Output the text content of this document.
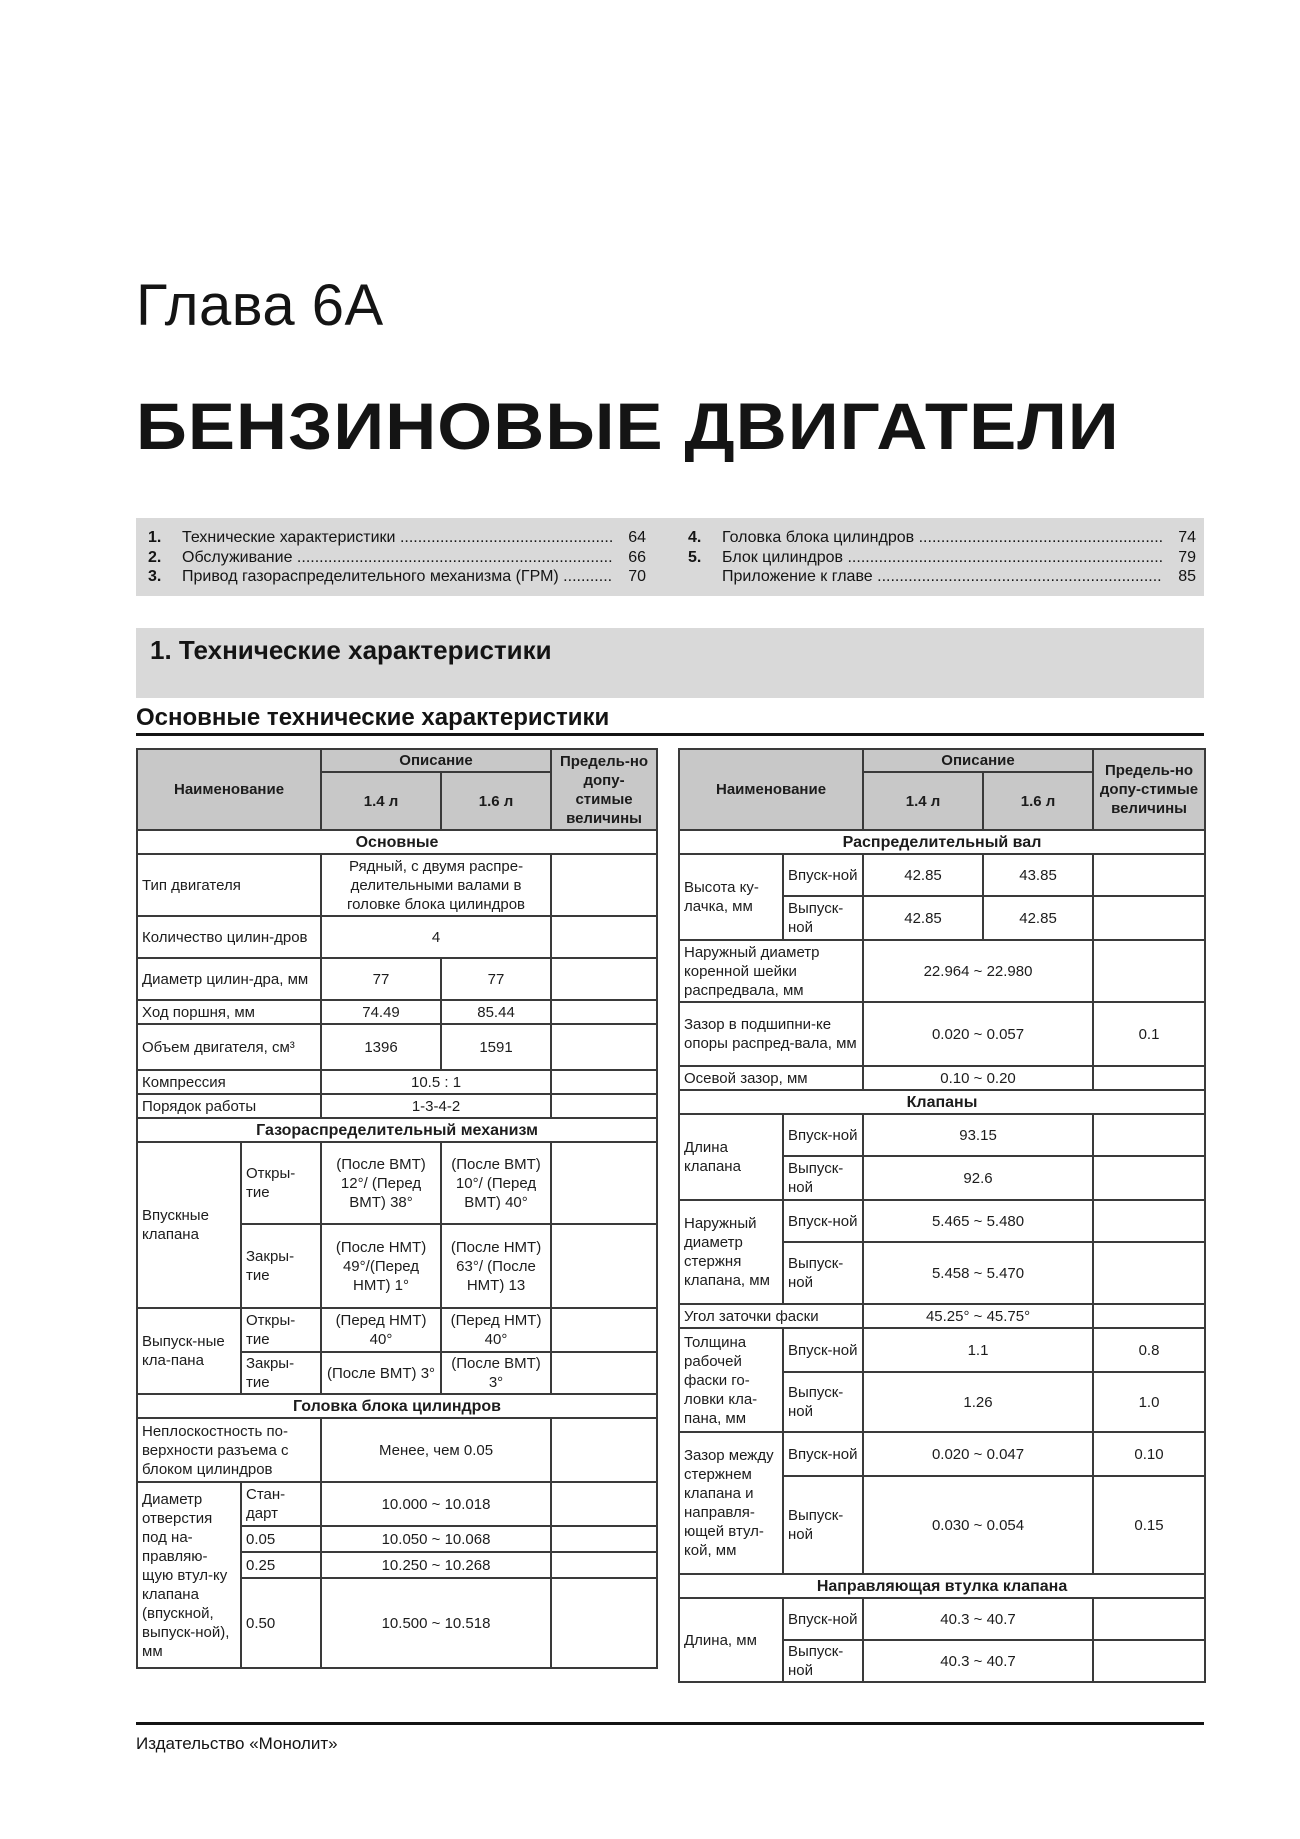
Глава 6А
БЕНЗИНОВЫЕ ДВИГАТЕЛИ
1.	Технические характеристики .....	64
2.	Обслуживание .....	66
3.	Привод газораспределительного механизма (ГРМ) .....	70
4.	Головка блока цилиндров .....	74
5.	Блок цилиндров .....	79
Приложение к главе .....	85
1. Технические характеристики
Основные технические характеристики
Наименование		Описание		Предель-но допу-стимые величины
		1.4 л	1.6 л	
Основные				
Тип двигателя		Рядный, с двумя распре-делительными валами в головке блока цилиндров		
Количество цилин-дров		4		
Диаметр цилин-дра, мм		77	77	
Ход поршня, мм		74.49	85.44	
Объем двигателя, см³		1396	1591	
Компрессия		10.5 : 1		
Порядок работы		1-3-4-2		
Газораспределительный механизм				
Впускные клапана	Откры-тие	(После ВМТ) 12°/ (Перед ВМТ) 38°	(После ВМТ) 10°/ (Перед ВМТ) 40°	
	Закры-тие	(После НМТ) 49°/(Перед НМТ) 1°	(После НМТ) 63°/ (После НМТ) 13	
Выпуск-ные кла-пана	Откры-тие	(Перед НМТ) 40°	(Перед НМТ) 40°	
	Закры-тие	(После ВМТ) 3°	(После ВМТ) 3°	
Головка блока цилиндров				
Неплоскостность по-верхности разъема с блоком цилиндров		Менее, чем 0.05		
Диаметр отверстия под на-правляю-щую втул-ку клапана (впускной, выпуск-ной), мм	Стан-дарт	10.000 ~ 10.018		
	0.05	10.050 ~ 10.068		
	0.25	10.250 ~ 10.268		
	0.50	10.500 ~ 10.518		
Наименование		Описание		Предель-но допу-стимые величины
		1.4 л	1.6 л	
Распределительный вал				
Высота ку-лачка, мм	Впуск-ной	42.85	43.85	
	Выпуск-ной	42.85	42.85	
Наружный диаметр коренной шейки распредвала, мм		22.964 ~ 22.980		
Зазор в подшипни-ке опоры распред-вала, мм		0.020 ~ 0.057		0.1
Осевой зазор, мм		0.10 ~ 0.20		
Клапаны				
Длина клапана	Впуск-ной	93.15		
	Выпуск-ной	92.6		
Наружный диаметр стержня клапана, мм	Впуск-ной	5.465 ~ 5.480		
	Выпуск-ной	5.458 ~ 5.470		
Угол заточки фаски		45.25° ~ 45.75°		
Толщина рабочей фаски го-ловки кла-пана, мм	Впуск-ной	1.1		0.8
	Выпуск-ной	1.26		1.0
Зазор между стержнем клапана и направля-ющей втул-кой, мм	Впуск-ной	0.020 ~ 0.047		0.10
	Выпуск-ной	0.030 ~ 0.054		0.15
Направляющая втулка клапана				
Длина, мм	Впуск-ной	40.3 ~ 40.7		
	Выпуск-ной	40.3 ~ 40.7		
Издательство «Монолит»
